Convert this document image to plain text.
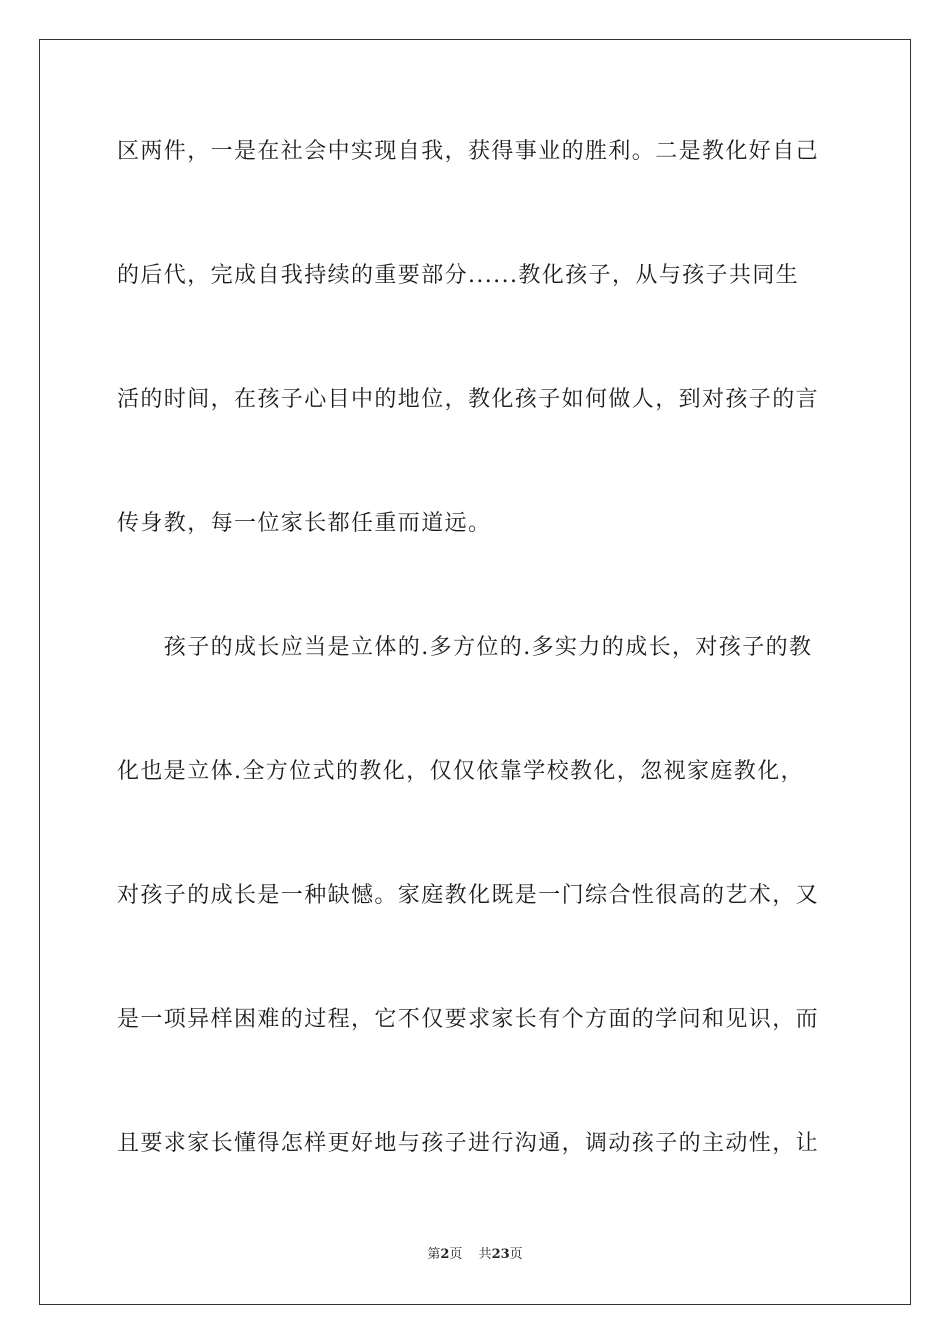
区两件，一是在社会中实现自我，获得事业的胜利。二是教化好自己
的后代，完成自我持续的重要部分......教化孩子，从与孩子共同生
活的时间，在孩子心目中的地位，教化孩子如何做人，到对孩子的言
传身教，每一位家长都任重而道远。
　　孩子的成长应当是立体的.多方位的.多实力的成长，对孩子的教
化也是立体.全方位式的教化，仅仅依靠学校教化，忽视家庭教化，
对孩子的成长是一种缺憾。家庭教化既是一门综合性很高的艺术，又
是一项异样困难的过程，它不仅要求家长有个方面的学问和见识，而
且要求家长懂得怎样更好地与孩子进行沟通，调动孩子的主动性，让
第2页 共23页
